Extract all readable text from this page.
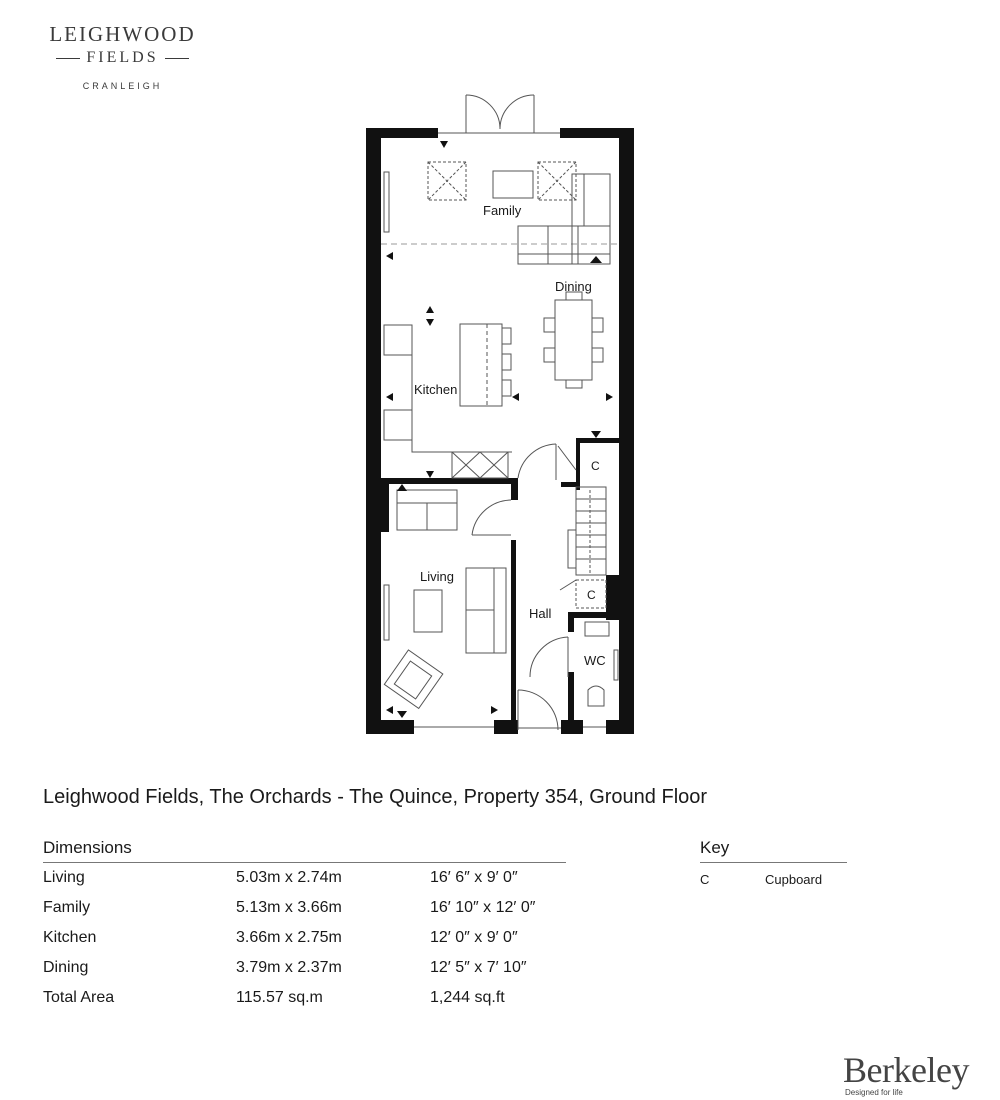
LEIGHWOOD
FIELDS
CRANLEIGH
Family
Dining
Kitchen
Living
Hall
WC
C
C
Leighwood Fields, The Orchards - The Quince, Property 354, Ground Floor
Dimensions
Living	5.03m x 2.74m	16′ 6″ x 9′ 0″
Family	5.13m x 3.66m	16′ 10″ x 12′ 0″
Kitchen	3.66m x 2.75m	12′ 0″ x 9′ 0″
Dining	3.79m x 2.37m	12′ 5″ x 7′ 10″
Total Area	115.57 sq.m	1,244 sq.ft
Key
C	Cupboard
Berkeley
Designed for life
